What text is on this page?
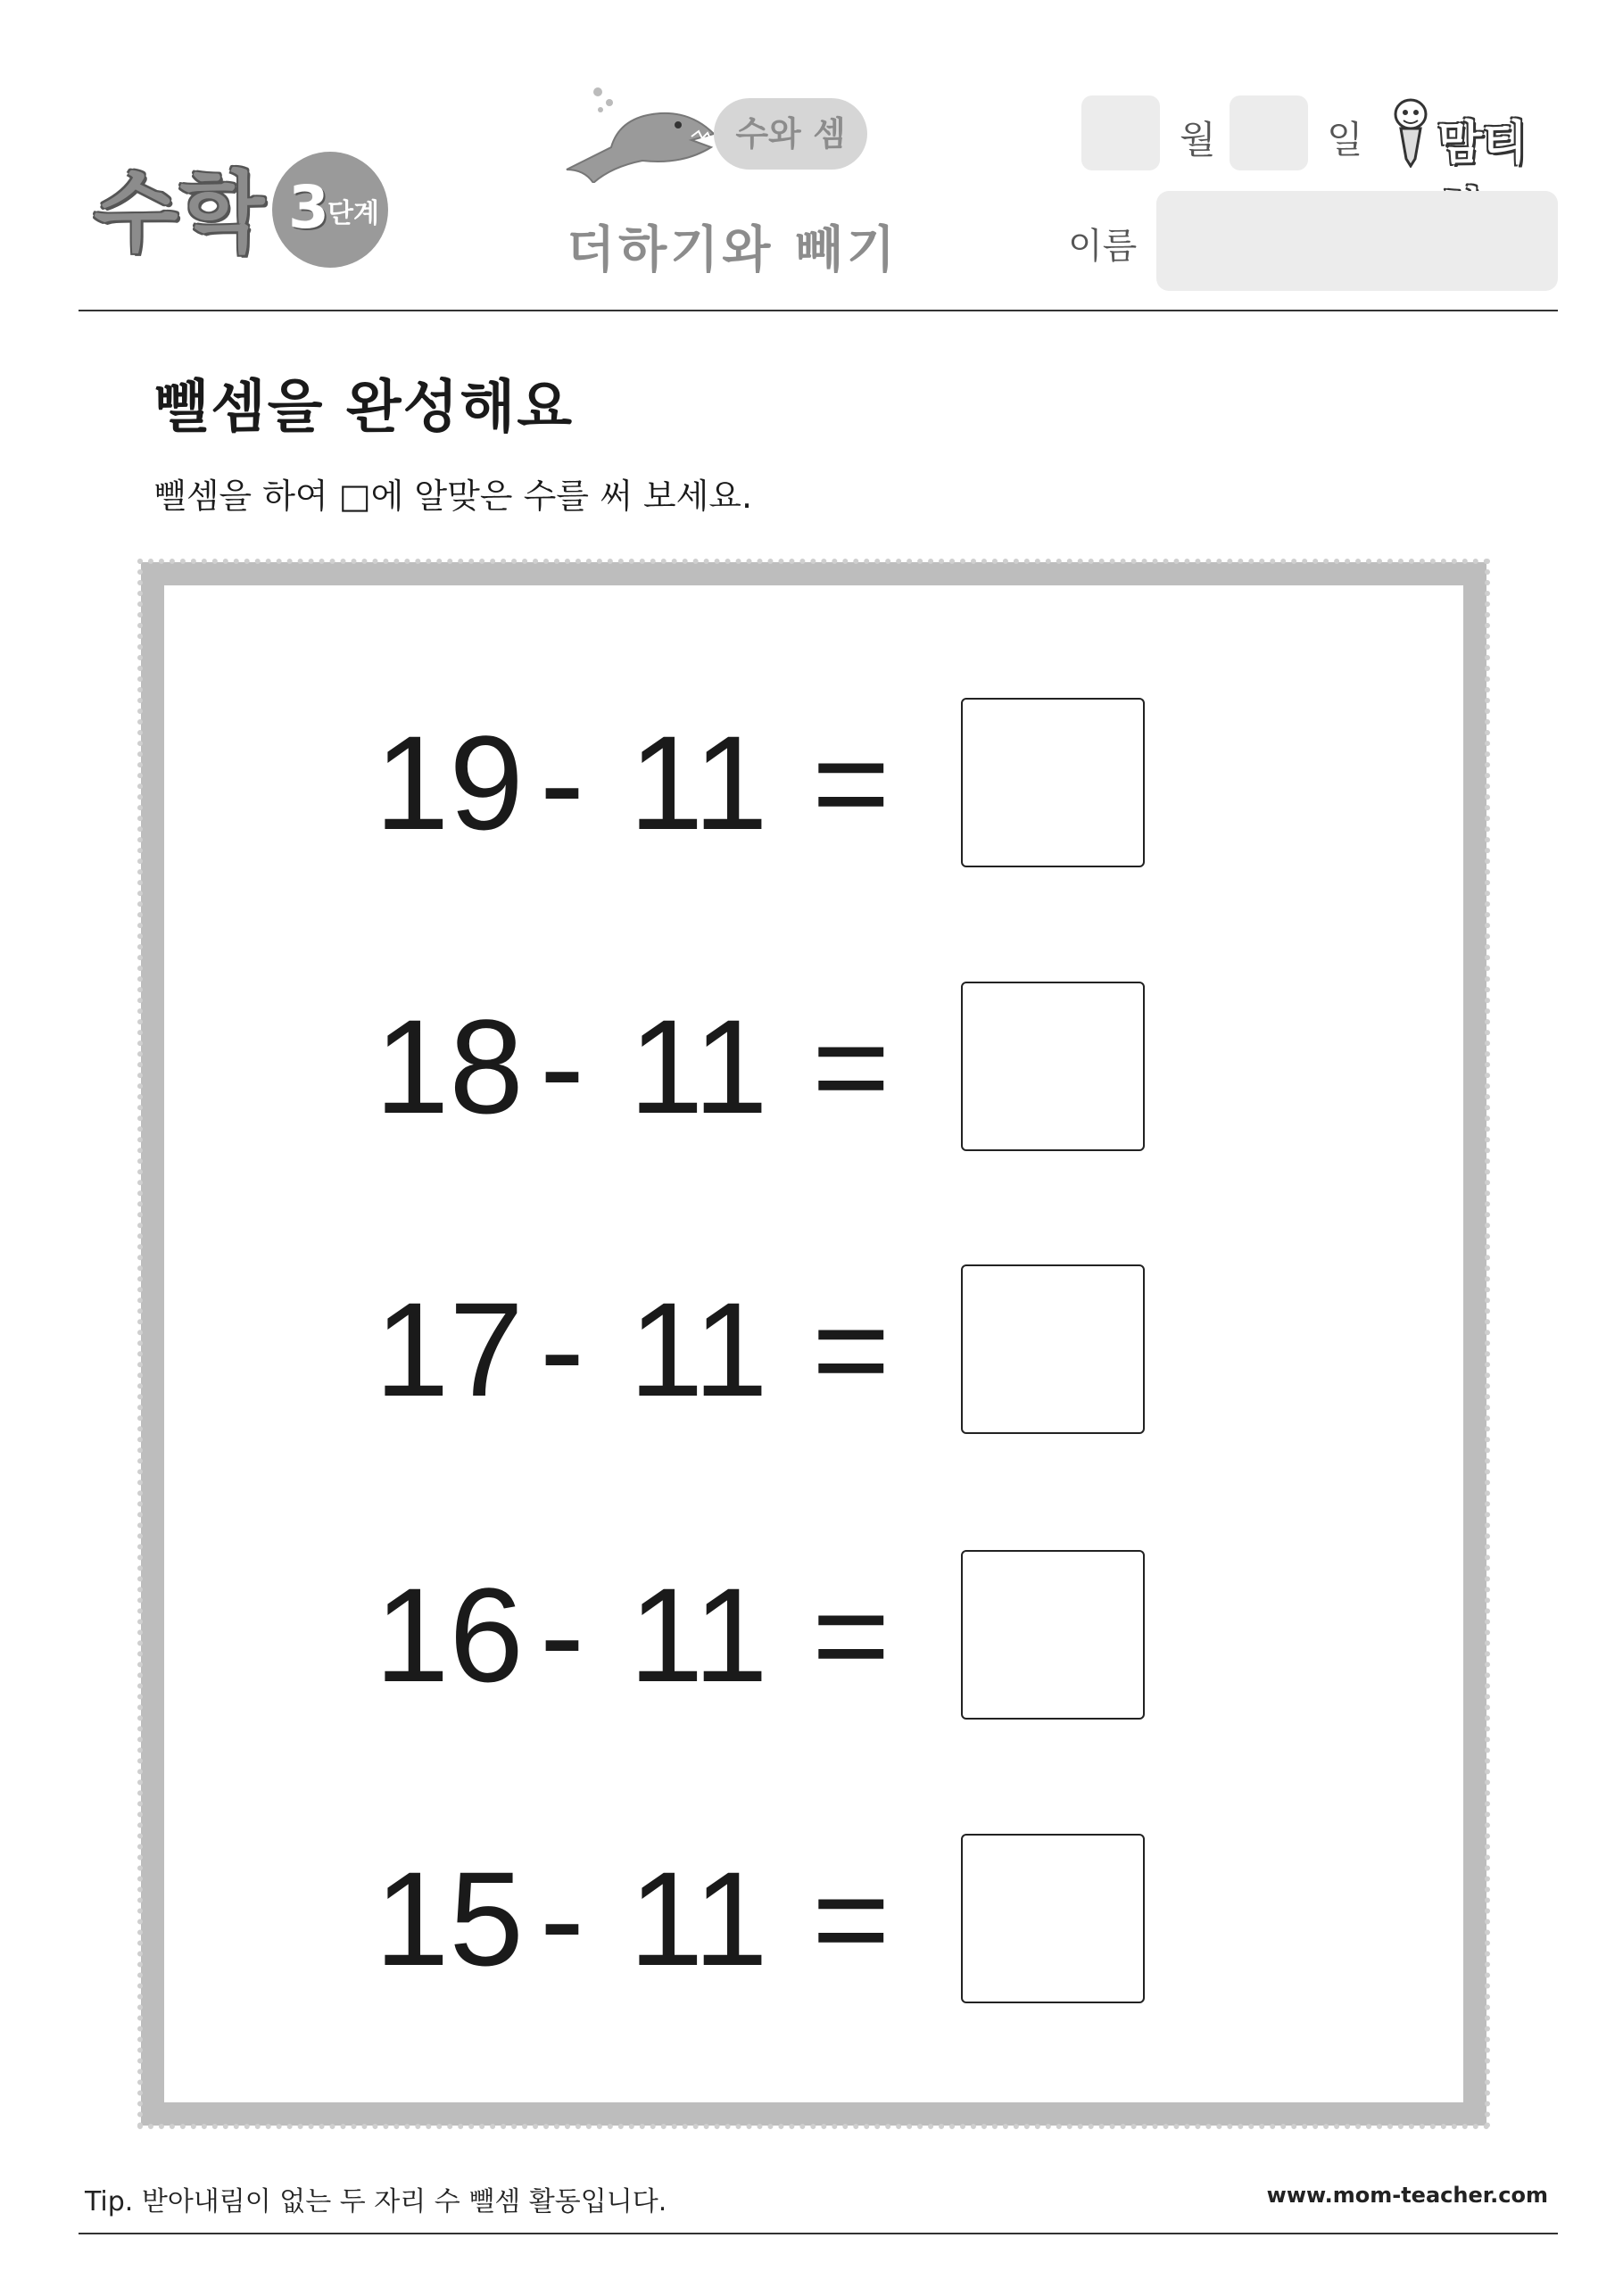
수학 3
단계
수와 셈
더하기와 빼기
월	일 맘티
이름
뺄셈을 완성해요
뺄셈을 하여 □에 알맞은 수를 써 보세요.
19 - 11 =
18 - 11 =
17 - 11 =
16 - 11 =
15 - 11 =
Tip. 받아내림이 없는 두 자리 수 뺄셈 활동입니다.	www.mom-teacher.com
